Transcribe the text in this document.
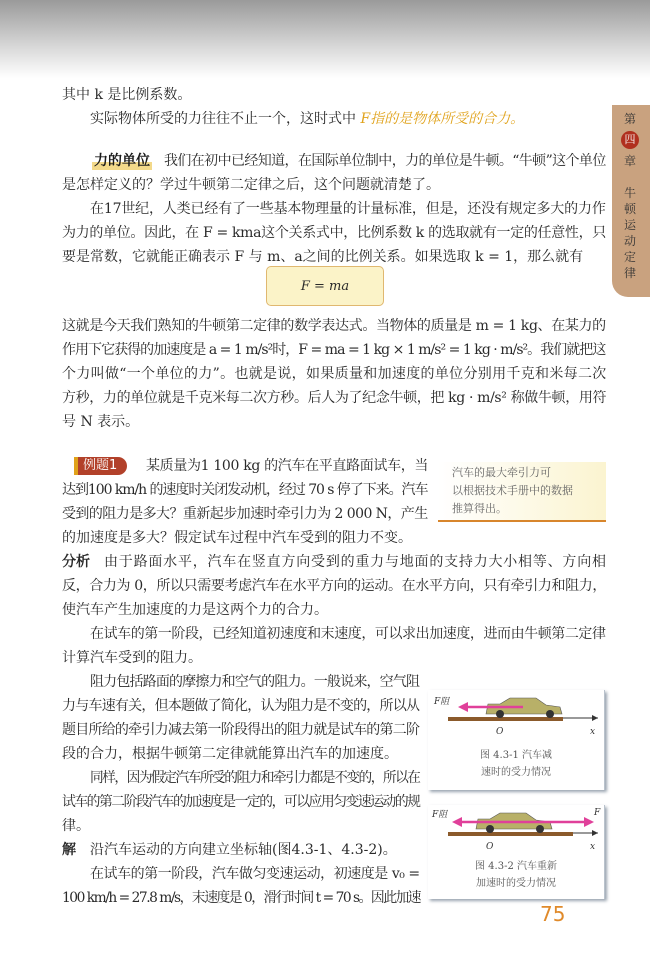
第
四
章
牛顿运动定律
其中 k 是比例系数。
实际物体所受的力往往不止一个，这时式中 F指的是物体所受的合力。
力的单位 我们在初中已经知道，在国际单位制中，力的单位是牛顿。“牛顿”这个单位
是怎样定义的？学过牛顿第二定律之后，这个问题就清楚了。
在17世纪，人类已经有了一些基本物理量的计量标准，但是，还没有规定多大的力作
为力的单位。因此，在 F = kma这个关系式中，比例系数 k 的选取就有一定的任意性，只
要是常数，它就能正确表示 F 与 m、a之间的比例关系。如果选取 k = 1，那么就有
F = ma
这就是今天我们熟知的牛顿第二定律的数学表达式。当物体的质量是 m = 1 kg、在某力的
作用下它获得的加速度是 a = 1 m/s²时，F = ma = 1 kg × 1 m/s² = 1 kg · m/s²。我们就把这
个力叫做“一个单位的力”。也就是说，如果质量和加速度的单位分别用千克和米每二次
方秒，力的单位就是千克米每二次方秒。后人为了纪念牛顿，把 kg · m/s² 称做牛顿，用符
号 N 表示。
例题1	某质量为1 100 kg 的汽车在平直路面试车，当
达到100 km/h 的速度时关闭发动机，经过 70 s 停了下来。汽车
受到的阻力是多大？重新起步加速时牵引力为 2 000 N，产生
的加速度是多大？假定试车过程中汽车受到的阻力不变。
汽车的最大牵引力可
以根据技术手册中的数据
推算得出。
分析 由于路面水平，汽车在竖直方向受到的重力与地面的支持力大小相等、方向相
反，合力为 0，所以只需要考虑汽车在水平方向的运动。在水平方向，只有牵引力和阻力，
使汽车产生加速度的力是这两个力的合力。
在试车的第一阶段，已经知道初速度和末速度，可以求出加速度，进而由牛顿第二定律
计算汽车受到的阻力。
阻力包括路面的摩擦力和空气的阻力。一般说来，空气阻
力与车速有关，但本题做了简化，认为阻力是不变的，所以从
题目所给的牵引力减去第一阶段得出的阻力就是试车的第二阶
段的合力，根据牛顿第二定律就能算出汽车的加速度。
同样，因为假定汽车所受的阻力和牵引力都是不变的，所以在
试车的第二阶段汽车的加速度是一定的，可以应用匀变速运动的规
律。
解 沿汽车运动的方向建立坐标轴(图4.3-1、4.3-2)。
在试车的第一阶段，汽车做匀变速运动，初速度是 v₀ =
100 km/h = 27.8 m/s，末速度是 0，滑行时间 t = 70 s。因此加速
F阻
O	x
图 4.3-1 汽车减
速时的受力情况
F阻	F
O	x
图 4.3-2 汽车重新
加速时的受力情况
75
